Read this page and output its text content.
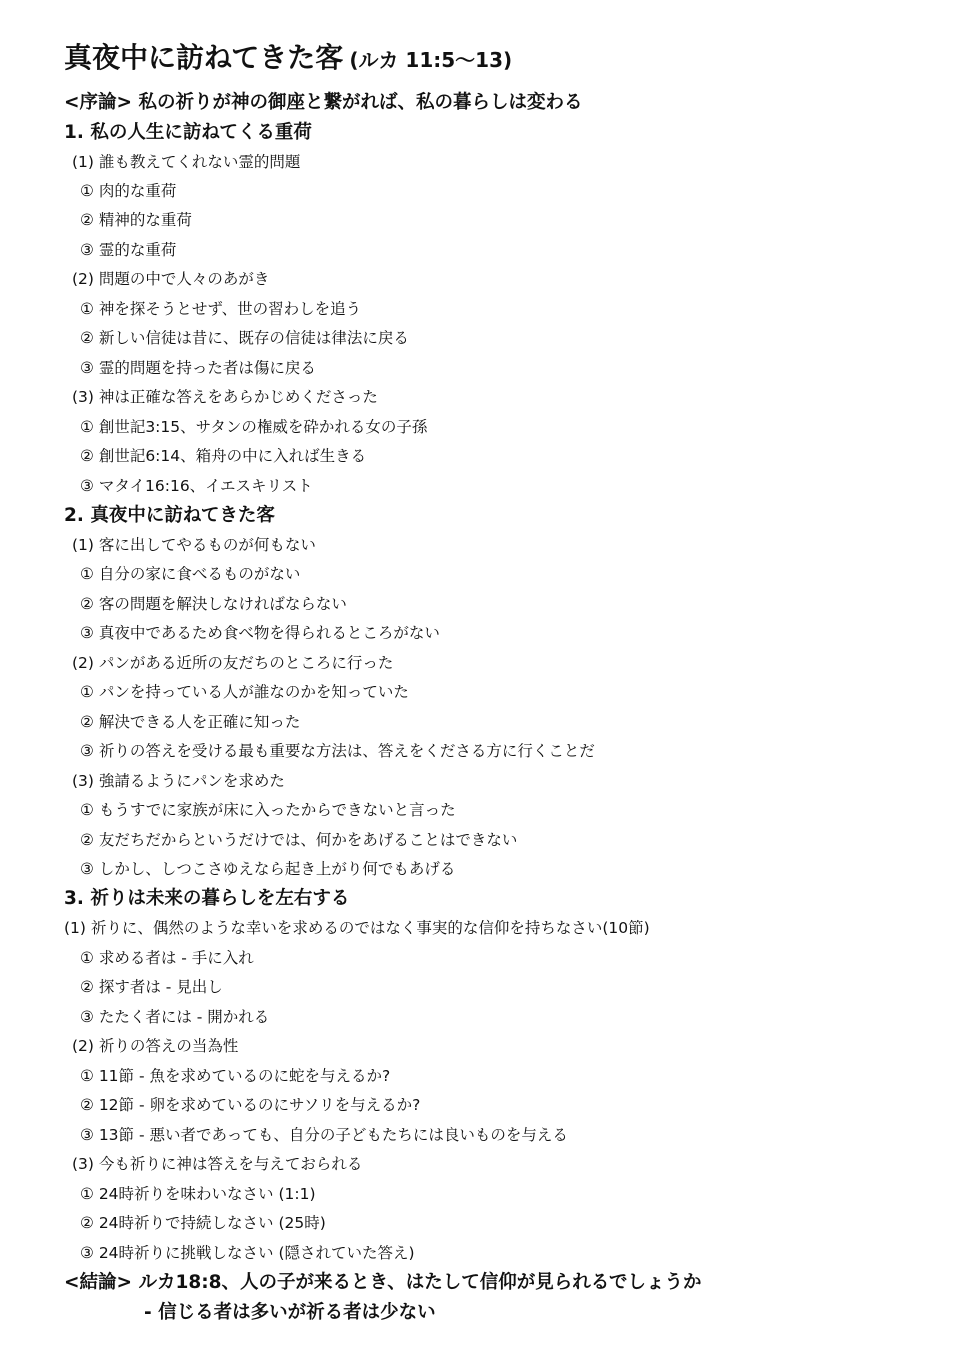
真夜中に訪ねてきた客 (ルカ 11:5〜13)
<序論> 私の祈りが神の御座と繋がれば、私の暮らしは変わる
1. 私の人生に訪ねてくる重荷
(1) 誰も教えてくれない霊的問題
① 肉的な重荷
② 精神的な重荷
③ 霊的な重荷
(2) 問題の中で人々のあがき
① 神を探そうとせず、世の習わしを追う
② 新しい信徒は昔に、既存の信徒は律法に戻る
③ 霊的問題を持った者は傷に戻る
(3) 神は正確な答えをあらかじめくださった
① 創世記3:15、サタンの権威を砕かれる女の子孫
② 創世記6:14、箱舟の中に入れば生きる
③ マタイ16:16、イエスキリスト
2. 真夜中に訪ねてきた客
(1) 客に出してやるものが何もない
① 自分の家に食べるものがない
② 客の問題を解決しなければならない
③ 真夜中であるため食べ物を得られるところがない
(2) パンがある近所の友だちのところに行った
① パンを持っている人が誰なのかを知っていた
② 解決できる人を正確に知った
③ 祈りの答えを受ける最も重要な方法は、答えをくださる方に行くことだ
(3) 強請るようにパンを求めた
① もうすでに家族が床に入ったからできないと言った
② 友だちだからというだけでは、何かをあげることはできない
③ しかし、しつこさゆえなら起き上がり何でもあげる
3. 祈りは未来の暮らしを左右する
(1) 祈りに、偶然のような幸いを求めるのではなく事実的な信仰を持ちなさい(10節)
① 求める者は - 手に入れ
② 探す者は - 見出し
③ たたく者には - 開かれる
(2) 祈りの答えの当為性
① 11節 - 魚を求めているのに蛇を与えるか?
② 12節 - 卵を求めているのにサソリを与えるか?
③ 13節 - 悪い者であっても、自分の子どもたちには良いものを与える
(3) 今も祈りに神は答えを与えておられる
① 24時祈りを味わいなさい (1:1)
② 24時祈りで持続しなさい (25時)
③ 24時祈りに挑戦しなさい (隠されていた答え)
<結論> ルカ18:8、人の子が来るとき、はたして信仰が見られるでしょうか
- 信じる者は多いが祈る者は少ない
